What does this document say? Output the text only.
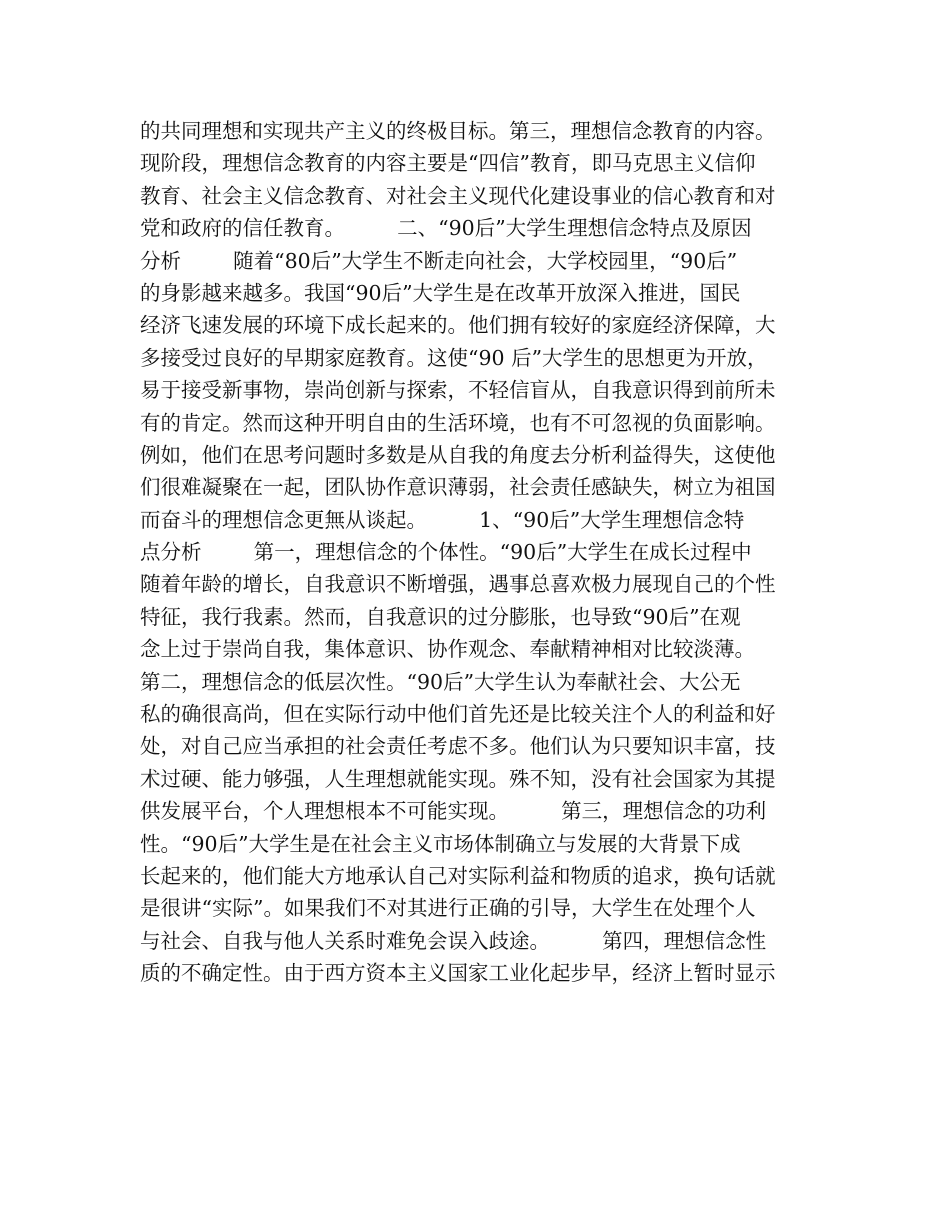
的共同理想和实现共产主义的终极目标。第三，理想信念教育的内容。
现阶段，理想信念教育的内容主要是“四信”教育，即马克思主义信仰
教育、社会主义信念教育、对社会主义现代化建设事业的信心教育和对
党和政府的信任教育。        二、“90后”大学生理想信念特点及原因
分析        随着“80后”大学生不断走向社会，大学校园里，“90后”
的身影越来越多。我国“90后”大学生是在改革开放深入推进，国民
经济飞速发展的环境下成长起来的。他们拥有较好的家庭经济保障，大
多接受过良好的早期家庭教育。这使“90 后”大学生的思想更为开放，
易于接受新事物，崇尚创新与探索，不轻信盲从，自我意识得到前所未
有的肯定。然而这种开明自由的生活环境，也有不可忽视的负面影响。
例如，他们在思考问题时多数是从自我的角度去分析利益得失，这使他
们很难凝聚在一起，团队协作意识薄弱，社会责任感缺失，树立为祖国
而奋斗的理想信念更無从谈起。        1、“90后”大学生理想信念特
点分析        第一，理想信念的个体性。“90后”大学生在成长过程中
随着年龄的增长，自我意识不断增强，遇事总喜欢极力展现自己的个性
特征，我行我素。然而，自我意识的过分膨胀，也导致“90后”在观
念上过于崇尚自我，集体意识、协作观念、奉献精神相对比较淡薄。
第二，理想信念的低层次性。“90后”大学生认为奉献社会、大公无
私的确很高尚，但在实际行动中他们首先还是比较关注个人的利益和好
处，对自己应当承担的社会责任考虑不多。他们认为只要知识丰富，技
术过硬、能力够强，人生理想就能实现。殊不知，没有社会国家为其提
供发展平台，个人理想根本不可能实现。        第三，理想信念的功利
性。“90后”大学生是在社会主义市场体制确立与发展的大背景下成
长起来的，他们能大方地承认自己对实际利益和物质的追求，换句话就
是很讲“实际”。如果我们不对其进行正确的引导，大学生在处理个人
与社会、自我与他人关系时难免会误入歧途。        第四，理想信念性
质的不确定性。由于西方资本主义国家工业化起步早，经济上暂时显示
